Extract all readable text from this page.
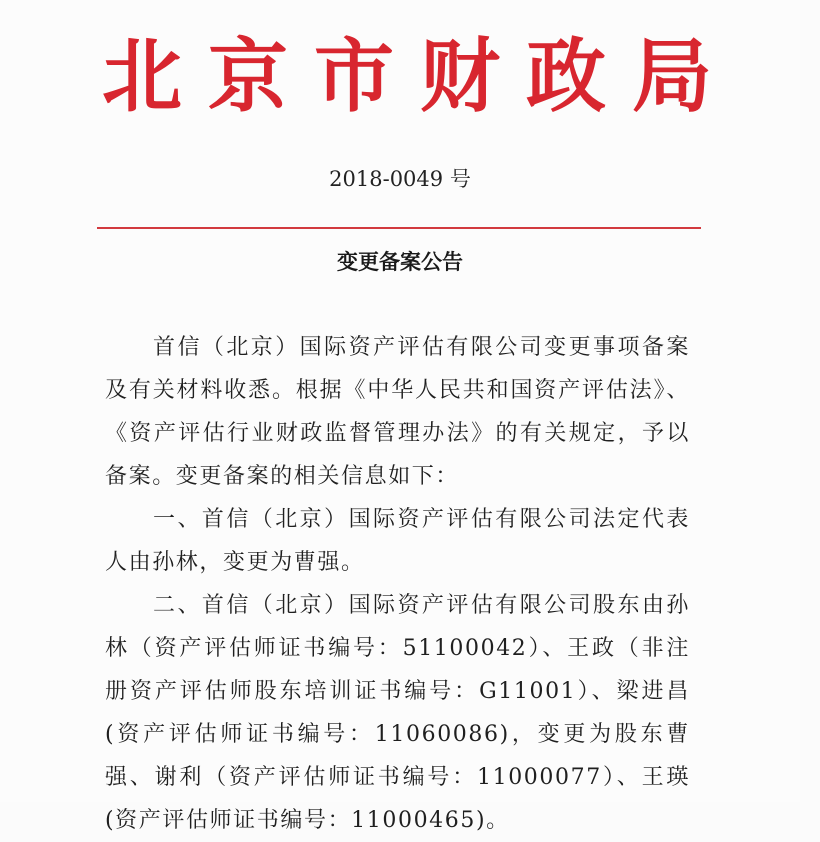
北京市财政局
2018-0049 号
变更备案公告

首信（北京）国际资产评估有限公司变更事项备案及有关材料收悉。根据《中华人民共和国资产评估法》、《资产评估行业财政监督管理办法》的有关规定，予以备案。变更备案的相关信息如下：

一、首信（北京）国际资产评估有限公司法定代表人由孙林，变更为曹强。

二、首信（北京）国际资产评估有限公司股东由孙林（资产评估师证书编号：51100042）、王政（非注册资产评估师股东培训证书编号：G11001）、梁进昌(资产评估师证书编号：11060086)，变更为股东曹强、谢利（资产评估师证书编号：11000077）、王瑛(资产评估师证书编号：11000465)。
